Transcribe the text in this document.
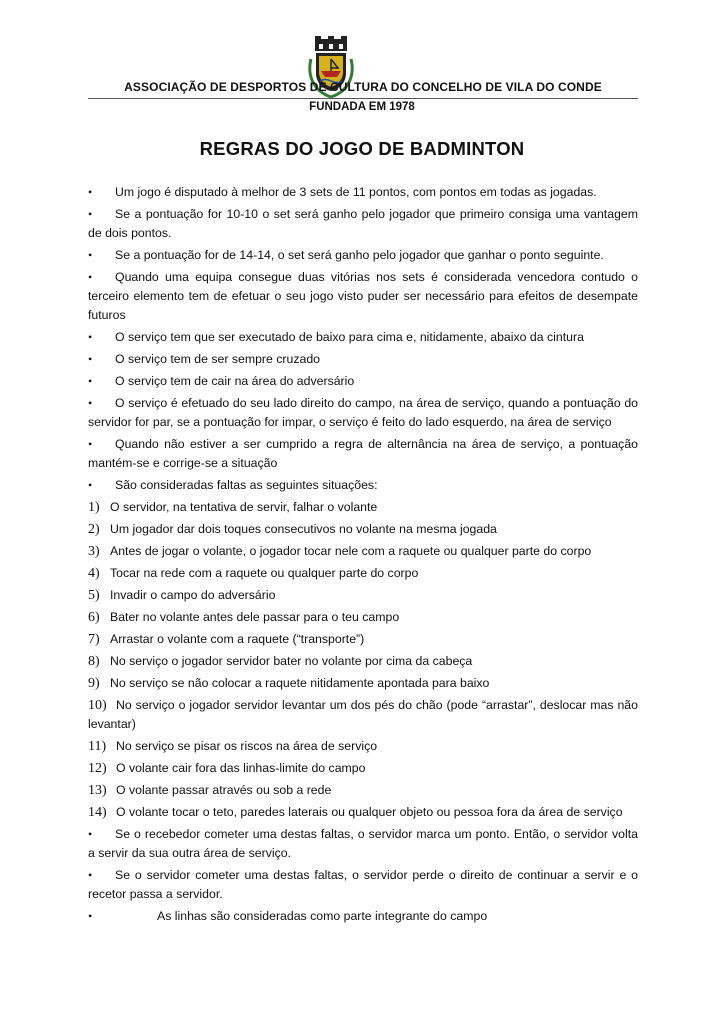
ASSOCIAÇÃO DE DESPORTOS DE CULTURA DO CONCELHO DE VILA DO CONDE
FUNDADA EM 1978
REGRAS DO JOGO DE BADMINTON
• Um jogo é disputado à melhor de 3 sets de 11 pontos, com pontos em todas as jogadas.
• Se a pontuação for 10-10 o set será ganho pelo jogador que primeiro consiga uma vantagem de dois pontos.
• Se a pontuação for de 14-14, o set será ganho pelo jogador que ganhar o ponto seguinte.
• Quando uma equipa consegue duas vitórias nos sets é considerada vencedora contudo o terceiro elemento tem de efetuar o seu jogo visto puder ser necessário para efeitos de desempate futuros
• O serviço tem que ser executado de baixo para cima e, nitidamente, abaixo da cintura
• O serviço tem de ser sempre cruzado
• O serviço tem de cair na área do adversário
• O serviço é efetuado do seu lado direito do campo, na área de serviço, quando a pontuação do servidor for par, se a pontuação for impar, o serviço é feito do lado esquerdo, na área de serviço
• Quando não estiver a ser cumprido a regra de alternância na área de serviço, a pontuação mantém-se e corrige-se a situação
• São consideradas faltas as seguintes situações:
1) O servidor, na tentativa de servir, falhar o volante
2) Um jogador dar dois toques consecutivos no volante na mesma jogada
3) Antes de jogar o volante, o jogador tocar nele com a raquete ou qualquer parte do corpo
4) Tocar na rede com a raquete ou qualquer parte do corpo
5) Invadir o campo do adversário
6) Bater no volante antes dele passar para o teu campo
7) Arrastar o volante com a raquete (“transporte”)
8) No serviço o jogador servidor bater no volante por cima da cabeça
9) No serviço se não colocar a raquete nitidamente apontada para baixo
10) No serviço o jogador servidor levantar um dos pés do chão (pode “arrastar”, deslocar mas não levantar)
11) No serviço se pisar os riscos na área de serviço
12) O volante cair fora das linhas-limite do campo
13) O volante passar através ou sob a rede
14) O volante tocar o teto, paredes laterais ou qualquer objeto ou pessoa fora da área de serviço
• Se o recebedor cometer uma destas faltas, o servidor marca um ponto. Então, o servidor volta a servir da sua outra área de serviço.
• Se o servidor cometer uma destas faltas, o servidor perde o direito de continuar a servir e o recetor passa a servidor.
•	As linhas são consideradas como parte integrante do campo
